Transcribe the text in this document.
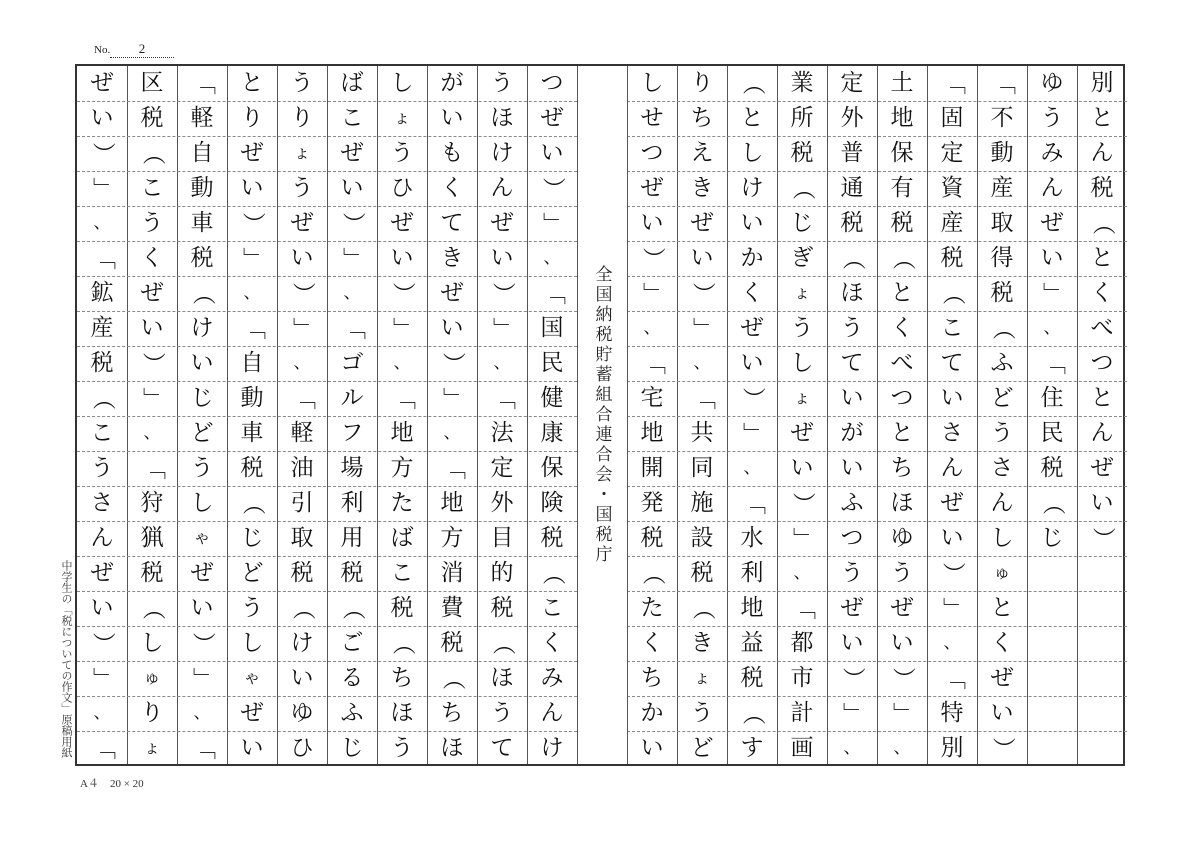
No.	2
別
と
ん
税
（
と
く
べ
つ
と
ん
ぜ
い
）
ゆ
う
み
ん
ぜ
い
」
、
「
住
民
税
（
じ
「
不
動
産
取
得
税
（
ふ
ど
う
さ
ん
し
ゅ
と
く
ぜ
い
）
「
固
定
資
産
税
（
こ
て
い
さ
ん
ぜ
い
）
」
、
「
特
別
土
地
保
有
税
（
と
く
べ
つ
と
ち
ほ
ゆ
う
ぜ
い
）
」
、
定
外
普
通
税
（
ほ
う
て
い
が
い
ふ
つ
う
ぜ
い
）
」
、
業
所
税
（
じ
ぎ
ょ
う
し
ょ
ぜ
い
）
」
、
「
都
市
計
画
（
と
し
け
い
か
く
ぜ
い
）
」
、
「
水
利
地
益
税
（
す
り
ち
え
き
ぜ
い
）
」
、
「
共
同
施
設
税
（
き
ょ
う
ど
し
せ
つ
ぜ
い
）
」
、
「
宅
地
開
発
税
（
た
く
ち
か
い
全国納税貯蓄組合連合会・国税庁
つ
ぜ
い
）
」
、
「
国
民
健
康
保
険
税
（
こ
く
み
ん
け
う
ほ
け
ん
ぜ
い
）
」
、
「
法
定
外
目
的
税
（
ほ
う
て
が
い
も
く
て
き
ぜ
い
）
」
、
「
地
方
消
費
税
（
ち
ほ
し
ょ
う
ひ
ぜ
い
）
」
、
「
地
方
た
ば
こ
税
（
ち
ほ
う
ば
こ
ぜ
い
）
」
、
「
ゴ
ル
フ
場
利
用
税
（
ご
る
ふ
じ
う
り
ょ
う
ぜ
い
）
」
、
「
軽
油
引
取
税
（
け
い
ゆ
ひ
と
り
ぜ
い
）
」
、
「
自
動
車
税
（
じ
ど
う
し
ゃ
ぜ
い
「
軽
自
動
車
税
（
け
い
じ
ど
う
し
ゃ
ぜ
い
）
」
、
「
区
税
（
こ
う
く
ぜ
い
）
」
、
「
狩
猟
税
（
し
ゅ
り
ょ
ぜ
い
）
」
、
「
鉱
産
税
（
こ
う
さ
ん
ぜ
い
）
」
、
「
中学生の「税についての作文」原稿用紙
A４　20 × 20
